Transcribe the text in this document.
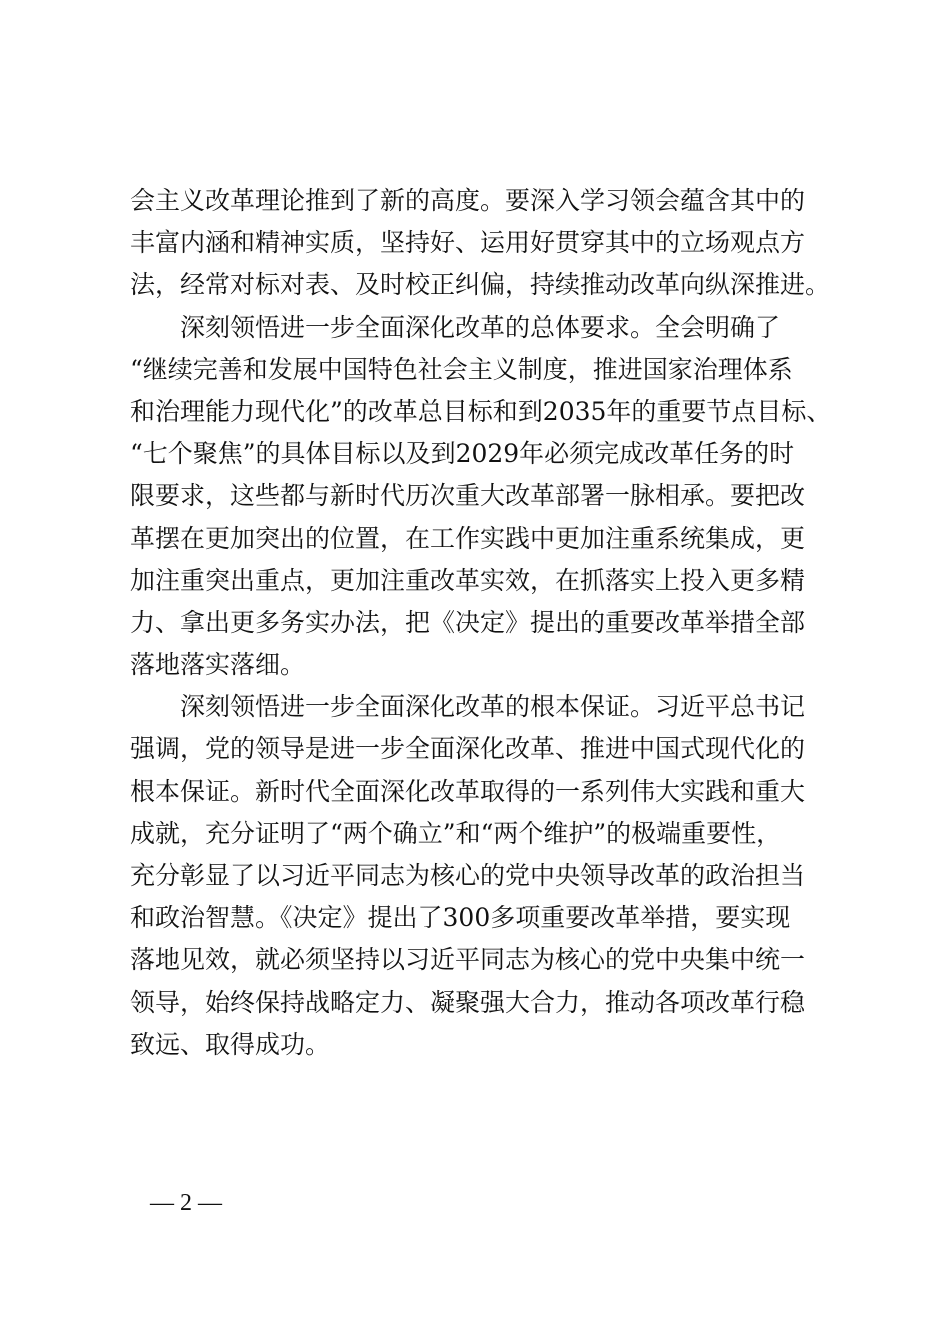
会主义改革理论推到了新的高度。要深入学习领会蕴含其中的
丰富内涵和精神实质，坚持好、运用好贯穿其中的立场观点方
法，经常对标对表、及时校正纠偏，持续推动改革向纵深推进。
深刻领悟进一步全面深化改革的总体要求。全会明确了
“继续完善和发展中国特色社会主义制度，推进国家治理体系
和治理能力现代化”的改革总目标和到2035年的重要节点目标、
“七个聚焦”的具体目标以及到2029年必须完成改革任务的时
限要求，这些都与新时代历次重大改革部署一脉相承。要把改
革摆在更加突出的位置，在工作实践中更加注重系统集成，更
加注重突出重点，更加注重改革实效，在抓落实上投入更多精
力、拿出更多务实办法，把《决定》提出的重要改革举措全部
落地落实落细。
深刻领悟进一步全面深化改革的根本保证。习近平总书记
强调，党的领导是进一步全面深化改革、推进中国式现代化的
根本保证。新时代全面深化改革取得的一系列伟大实践和重大
成就，充分证明了“两个确立”和“两个维护”的极端重要性，
充分彰显了以习近平同志为核心的党中央领导改革的政治担当
和政治智慧。《决定》提出了300多项重要改革举措，要实现
落地见效，就必须坚持以习近平同志为核心的党中央集中统一
领导，始终保持战略定力、凝聚强大合力，推动各项改革行稳
致远、取得成功。
— 2 —
